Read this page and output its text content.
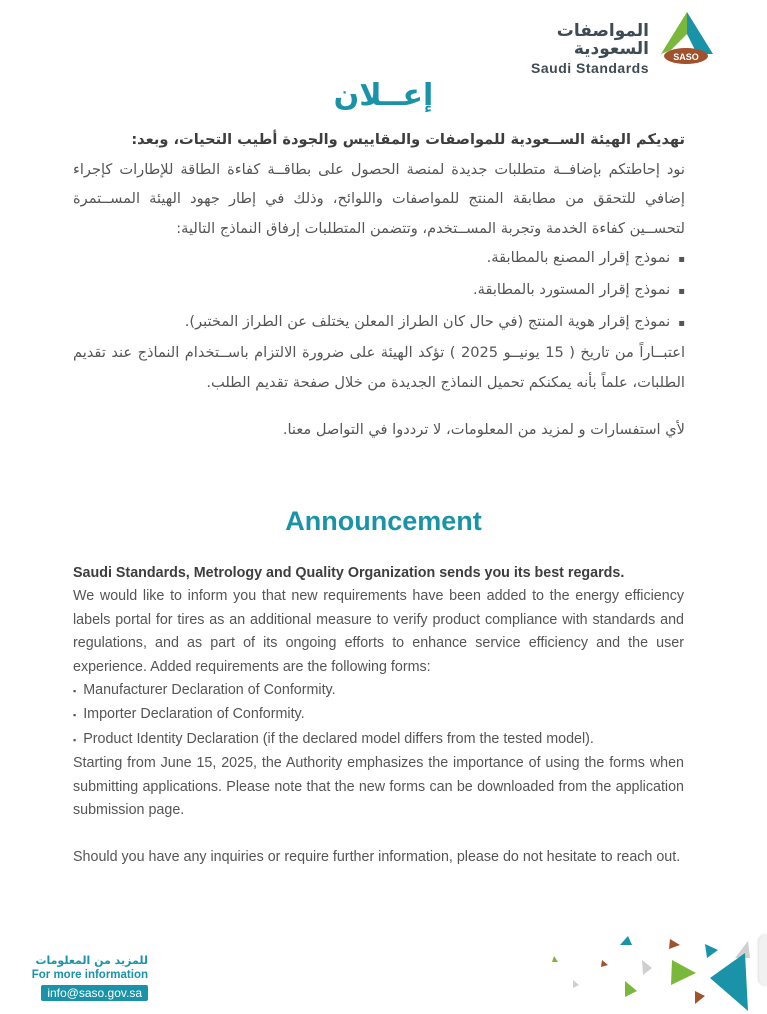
المواصفات السعودية
Saudi Standards
SASO
إعــلان

تهديكم الهيئة الســعودية للمواصفات والمقاييس والجودة أطيب التحيات، وبعد:

نود إحاطتكم بإضافــة متطلبات جديدة لمنصة الحصول على بطاقــة كفاءة الطاقة للإطارات كإجراء إضافي للتحقق من مطابقة المنتج للمواصفات واللوائح، وذلك في إطار جهود الهيئة المســتمرة لتحســين كفاءة الخدمة وتجربة المســتخدم، وتتضمن المتطلبات إرفاق النماذج التالية:

▪ نموذج إقرار المصنع بالمطابقة.
▪ نموذج إقرار المستورد بالمطابقة.
▪ نموذج إقرار هوية المنتج (في حال كان الطراز المعلن يختلف عن الطراز المختبر).

اعتبــاراً من تاريخ ( 15 يونيــو 2025 ) تؤكد الهيئة على ضرورة الالتزام باســتخدام النماذج عند تقديم الطلبات، علماً بأنه يمكنكم تحميل النماذج الجديدة من خلال صفحة تقديم الطلب.

لأي استفسارات و لمزيد من المعلومات، لا ترددوا في التواصل معنا.

Announcement

Saudi Standards, Metrology and Quality Organization sends you its best regards.

We would like to inform you that new requirements have been added to the energy efficiency labels portal for tires as an additional measure to verify product compliance with standards and regulations, and as part of its ongoing efforts to enhance service efficiency and the user experience. Added requirements are the following forms:

▪ Manufacturer Declaration of Conformity.
▪ Importer Declaration of Conformity.
▪ Product Identity Declaration (if the declared model differs from the tested model).

Starting from June 15, 2025, the Authority emphasizes the importance of using the forms when submitting applications. Please note that the new forms can be downloaded from the application submission page.

Should you have any inquiries or require further information, please do not hesitate to reach out.

للمزيد من المعلومات
For more information
info@saso.gov.sa
